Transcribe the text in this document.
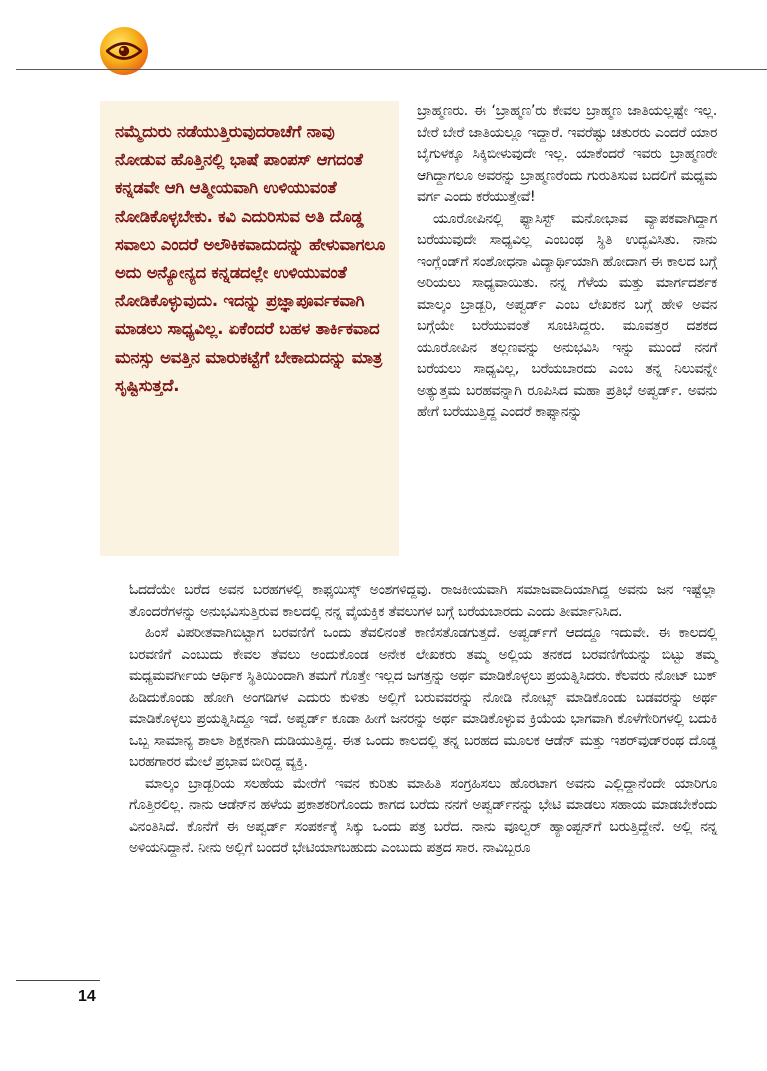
ನಮ್ಮೆದುರು ನಡೆಯುತ್ತಿರುವುದರಾಚೆಗೆ ನಾವು ನೋಡುವ ಹೊತ್ತಿನಲ್ಲಿ ಭಾಷೆ ಪಾಂಪಸ್ ಆಗದಂತೆ ಕನ್ನಡವೇ ಆಗಿ ಆತ್ಮೀಯವಾಗಿ ಉಳಿಯುವಂತೆ ನೋಡಿಕೊಳ್ಳಬೇಕು. ಕವಿ ಎದುರಿಸುವ ಅತಿ ದೊಡ್ಡ ಸವಾಲು ಎಂದರೆ ಅಲೌಕಿಕವಾದುದನ್ನು ಹೇಳುವಾಗಲೂ ಅದು ಅನ್ಯೋನ್ಯದ ಕನ್ನಡದಲ್ಲೇ ಉಳಿಯುವಂತೆ ನೋಡಿಕೊಳ್ಳುವುದು. ಇದನ್ನು ಪ್ರಜ್ಞಾಪೂರ್ವಕವಾಗಿ ಮಾಡಲು ಸಾಧ್ಯವಿಲ್ಲ. ಏಕೆಂದರೆ ಬಹಳ ತಾರ್ಕಿಕವಾದ ಮನಸ್ಸು ಅವತ್ತಿನ ಮಾರುಕಟ್ಟೆಗೆ ಬೇಕಾದುದನ್ನು ಮಾತ್ರ ಸೃಷ್ಟಿಸುತ್ತದೆ.

ಬ್ರಾಹ್ಮಣರು. ಈ ‘ಬ್ರಾಹ್ಮಣ’ರು ಕೇವಲ ಬ್ರಾಹ್ಮಣ ಜಾತಿಯಲ್ಲಷ್ಟೇ ಇಲ್ಲ. ಬೇರೆ ಬೇರೆ ಜಾತಿಯಲ್ಲೂ ಇದ್ದಾರೆ. ಇವರೆಷ್ಟು ಚತುರರು ಎಂದರೆ ಯಾರ ಬೈಗುಳಕ್ಕೂ ಸಿಕ್ಕಿಬೀಳುವುದೇ ಇಲ್ಲ. ಯಾಕೆಂದರೆ ಇವರು ಬ್ರಾಹ್ಮಣರೇ ಆಗಿದ್ದಾಗಲೂ ಅವರನ್ನು ಬ್ರಾಹ್ಮಣರೆಂದು ಗುರುತಿಸುವ ಬದಲಿಗೆ ಮಧ್ಯಮ ವರ್ಗ ಎಂದು ಕರೆಯುತ್ತೇವೆ!

ಯೂರೋಪಿನಲ್ಲಿ ಫ್ಯಾಸಿಸ್ಟ್ ಮನೋಭಾವ ವ್ಯಾಪಕವಾಗಿದ್ದಾಗ ಬರೆಯುವುದೇ ಸಾಧ್ಯವಿಲ್ಲ ಎಂಬಂಥ ಸ್ಥಿತಿ ಉದ್ಭವಿಸಿತು. ನಾನು ಇಂಗ್ಲೆಂಡ್‌ಗೆ ಸಂಶೋಧನಾ ವಿದ್ಯಾರ್ಥಿಯಾಗಿ ಹೋದಾಗ ಈ ಕಾಲದ ಬಗ್ಗೆ ಅರಿಯಲು ಸಾಧ್ಯವಾಯಿತು. ನನ್ನ ಗೆಳೆಯ ಮತ್ತು ಮಾರ್ಗದರ್ಶಕ ಮಾಲ್ಕಂ ಬ್ರಾಡ್ಬರಿ, ಅಪ್ವರ್ಡ್ ಎಂಬ ಲೇಖಕನ ಬಗ್ಗೆ ಹೇಳಿ ಅವನ ಬಗ್ಗೆಯೇ ಬರೆಯುವಂತೆ ಸೂಚಿಸಿದ್ದರು. ಮೂವತ್ತರ ದಶಕದ ಯೂರೋಪಿನ ತಲ್ಲಣವನ್ನು ಅನುಭವಿಸಿ ಇನ್ನು ಮುಂದೆ ನನಗೆ ಬರೆಯಲು ಸಾಧ್ಯವಿಲ್ಲ, ಬರೆಯಬಾರದು ಎಂಬ ತನ್ನ ನಿಲುವನ್ನೇ ಅತ್ಯುತ್ತಮ ಬರಹವನ್ನಾಗಿ ರೂಪಿಸಿದ ಮಹಾ ಪ್ರತಿಭೆ ಅಪ್ವರ್ಡ್. ಅವನು ಹೇಗೆ ಬರೆಯುತ್ತಿದ್ದ ಎಂದರೆ ಕಾಫ್ಕಾನನ್ನು

ಓದದೆಯೇ ಬರೆದ ಅವನ ಬರಹಗಳಲ್ಲಿ ಕಾಫ್ಕಯಿಸ್ಕ್ ಅಂಶಗಳಿದ್ದವು. ರಾಜಕೀಯವಾಗಿ ಸಮಾಜವಾದಿಯಾಗಿದ್ದ ಅವನು ಜನ ಇಷ್ಟೆಲ್ಲಾ ತೊಂದರೆಗಳನ್ನು ಅನುಭವಿಸುತ್ತಿರುವ ಕಾಲದಲ್ಲಿ ನನ್ನ ವೈಯಕ್ತಿಕ ತೆವಲುಗಳ ಬಗ್ಗೆ ಬರೆಯಬಾರದು ಎಂದು ತೀರ್ಮಾನಿಸಿದ.

ಹಿಂಸೆ ವಿಪರೀತವಾಗಿಬಿಟ್ಟಾಗ ಬರವಣಿಗೆ ಒಂದು ತೆವಲಿನಂತೆ ಕಾಣಿಸತೊಡಗುತ್ತದೆ. ಅಪ್ವರ್ಡ್‌ಗೆ ಆದದ್ದೂ ಇದುವೇ. ಈ ಕಾಲದಲ್ಲಿ ಬರವಣಿಗೆ ಎಂಬುದು ಕೇವಲ ತೆವಲು ಅಂದುಕೊಂಡ ಅನೇಕ ಲೇಖಕರು ತಮ್ಮ ಅಲ್ಲಿಯ ತನಕದ ಬರವಣಿಗೆಯನ್ನು ಬಿಟ್ಟು ತಮ್ಮ ಮಧ್ಯಮವರ್ಗೀಯ ಆರ್ಥಿಕ ಸ್ಥಿತಿಯಿಂದಾಗಿ ತಮಗೆ ಗೊತ್ತೇ ಇಲ್ಲದ ಜಗತ್ತನ್ನು ಅರ್ಥ ಮಾಡಿಕೊಳ್ಳಲು ಪ್ರಯತ್ನಿಸಿದರು. ಕೆಲವರು ನೋಟ್ ಬುಕ್ ಹಿಡಿದುಕೊಂಡು ಹೋಗಿ ಅಂಗಡಿಗಳ ಎದುರು ಕುಳಿತು ಅಲ್ಲಿಗೆ ಬರುವವರನ್ನು ನೋಡಿ ನೋಟ್ಸ್ ಮಾಡಿಕೊಂಡು ಬಡವರನ್ನು ಅರ್ಥ ಮಾಡಿಕೊಳ್ಳಲು ಪ್ರಯತ್ನಿಸಿದ್ದೂ ಇದೆ. ಅಪ್ವರ್ಡ್ ಕೂಡಾ ಹೀಗೆ ಜನರನ್ನು ಅರ್ಥ ಮಾಡಿಕೊಳ್ಳುವ ಕ್ರಿಯೆಯ ಭಾಗವಾಗಿ ಕೊಳೆಗೇರಿಗಳಲ್ಲಿ ಬದುಕಿ ಒಬ್ಬ ಸಾಮಾನ್ಯ ಶಾಲಾ ಶಿಕ್ಷಕನಾಗಿ ದುಡಿಯುತ್ತಿದ್ದ. ಈತ ಒಂದು ಕಾಲದಲ್ಲಿ ತನ್ನ ಬರಹದ ಮೂಲಕ ಆಡೆನ್ ಮತ್ತು ಇಶರ್‌ವುಡ್‌ರಂಥ ದೊಡ್ಡ ಬರಹಗಾರರ ಮೇಲೆ ಪ್ರಭಾವ ಬೀರಿದ್ದ ವ್ಯಕ್ತಿ.

ಮಾಲ್ಕಂ ಬ್ರಾಡ್ಬರಿಯ ಸಲಹೆಯ ಮೇರೆಗೆ ಇವನ ಕುರಿತು ಮಾಹಿತಿ ಸಂಗ್ರಹಿಸಲು ಹೊರಟಾಗ ಅವನು ಎಲ್ಲಿದ್ದಾನೆಂದೇ ಯಾರಿಗೂ ಗೊತ್ತಿರಲಿಲ್ಲ. ನಾನು ಆಡೆನ್‌ನ ಹಳೆಯ ಪ್ರಕಾಶಕರಿಗೊಂದು ಕಾಗದ ಬರೆದು ನನಗೆ ಅಪ್ವರ್ಡ್‌ನನ್ನು ಭೇಟಿ ಮಾಡಲು ಸಹಾಯ ಮಾಡಬೇಕೆಂದು ವಿನಂತಿಸಿದೆ. ಕೊನೆಗೆ ಈ ಅಪ್ವರ್ಡ್ ಸಂಪರ್ಕಕ್ಕೆ ಸಿಕ್ಕು ಒಂದು ಪತ್ರ ಬರೆದ. ನಾನು ವೂಲ್ವರ್ ಹ್ಯಾಂಪ್ಟನ್‌ಗೆ ಬರುತ್ತಿದ್ದೇನೆ. ಅಲ್ಲಿ ನನ್ನ ಅಳಿಯನಿದ್ದಾನೆ. ನೀನು ಅಲ್ಲಿಗೆ ಬಂದರೆ ಭೇಟಿಯಾಗಬಹುದು ಎಂಬುದು ಪತ್ರದ ಸಾರ. ನಾವಿಬ್ಬರೂ

14
